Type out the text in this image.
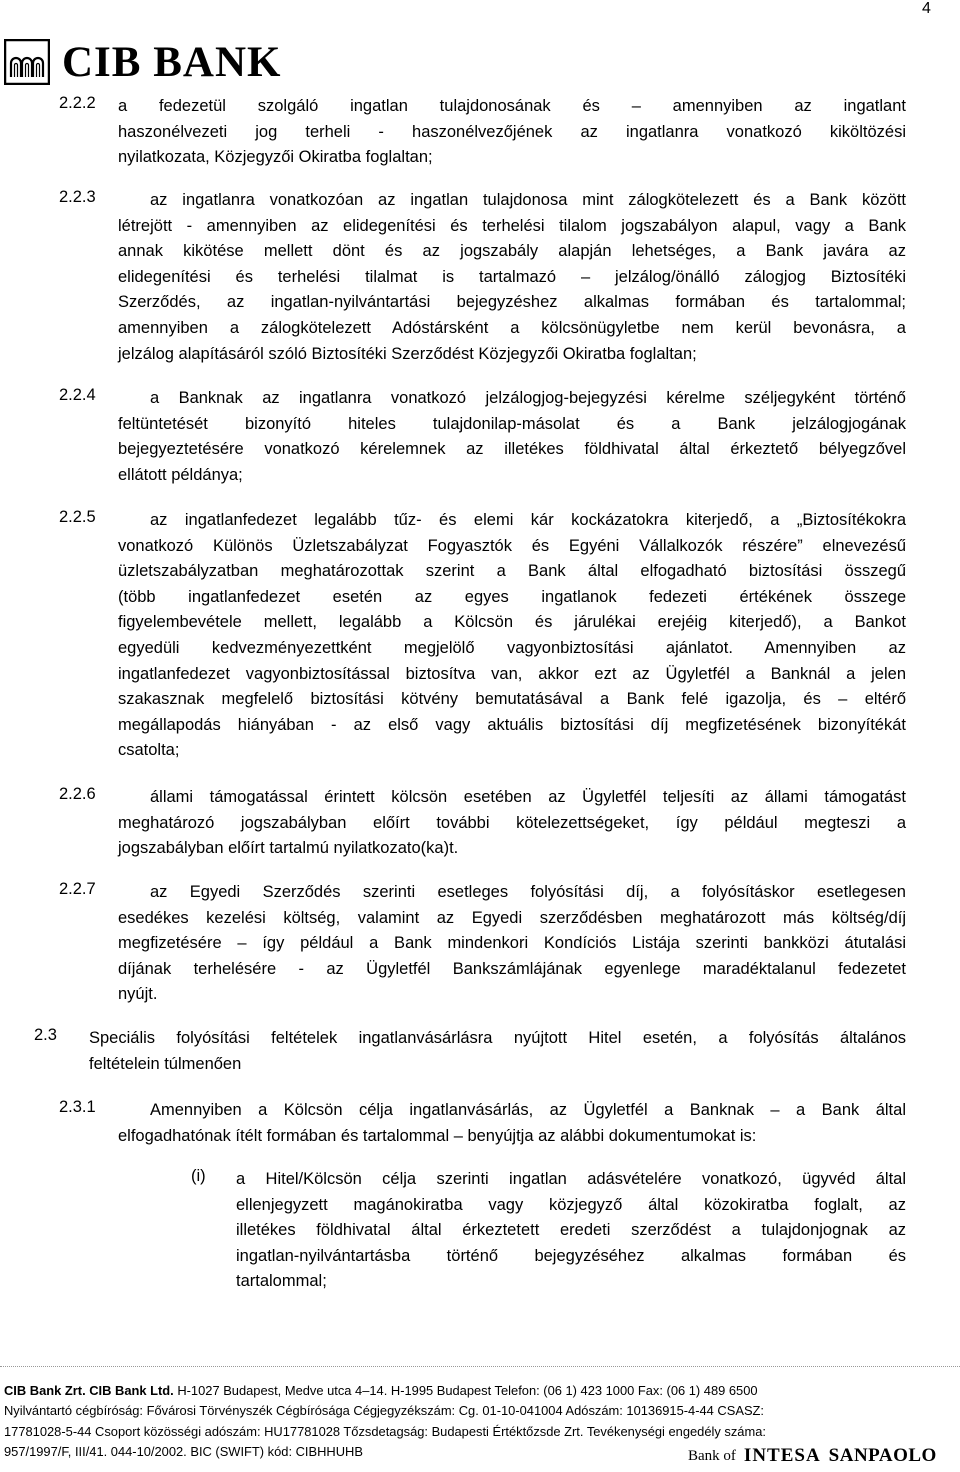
4
CIB BANK
2.2.2 a fedezetül szolgáló ingatlan tulajdonosának és – amennyiben az ingatlant
haszonélvezeti jog terheli - haszonélvezőjének az ingatlanra vonatkozó kiköltözési
nyilatkozata, Közjegyzői Okiratba foglaltan;
2.2.3	az ingatlanra vonatkozóan az ingatlan tulajdonosa mint zálogkötelezett és a Bank között
létrejött - amennyiben az elidegenítési és terhelési tilalom jogszabályon alapul, vagy a Bank
annak kikötése mellett dönt és az jogszabály alapján lehetséges, a Bank javára az
elidegenítési és terhelési tilalmat is tartalmazó – jelzálog/önálló zálogjog Biztosítéki
Szerződés, az ingatlan-nyilvántartási bejegyzéshez alkalmas formában és tartalommal;
amennyiben a zálogkötelezett Adóstársként a kölcsönügyletbe nem kerül bevonásra, a
jelzálog alapításáról szóló Biztosítéki Szerződést Közjegyzői Okiratba foglaltan;
2.2.4	a Banknak az ingatlanra vonatkozó jelzálogjog-bejegyzési kérelme széljegyként történő
feltüntetését bizonyító hiteles tulajdonilap-másolat és a Bank jelzálogjogának
bejegyeztetésére vonatkozó kérelemnek az illetékes földhivatal által érkeztető bélyegzővel
ellátott példánya;
2.2.5	az ingatlanfedezet legalább tűz- és elemi kár kockázatokra kiterjedő, a „Biztosítékokra
vonatkozó Különös Üzletszabályzat Fogyasztók és Egyéni Vállalkozók részére” elnevezésű
üzletszabályzatban meghatározottak szerint a Bank által elfogadható biztosítási összegű
(több ingatlanfedezet esetén az egyes ingatlanok fedezeti értékének összege
figyelembevétele mellett, legalább a Kölcsön és járulékai erejéig kiterjedő), a Bankot
egyedüli kedvezményezettként megjelölő vagyonbiztosítási ajánlatot. Amennyiben az
ingatlanfedezet vagyonbiztosítással biztosítva van, akkor ezt az Ügyletfél a Banknál a jelen
szakasznak megfelelő biztosítási kötvény bemutatásával a Bank felé igazolja, és – eltérő
megállapodás hiányában - az első vagy aktuális biztosítási díj megfizetésének bizonyítékát
csatolta;
2.2.6	állami támogatással érintett kölcsön esetében az Ügyletfél teljesíti az állami támogatást
meghatározó jogszabályban előírt további kötelezettségeket, így például megteszi a
jogszabályban előírt tartalmú nyilatkozato(ka)t.
2.2.7	az Egyedi Szerződés szerinti esetleges folyósítási díj, a folyósításkor esetlegesen
esedékes kezelési költség, valamint az Egyedi szerződésben meghatározott más költség/díj
megfizetésére – így például a Bank mindenkori Kondíciós Listája szerinti bankközi átutalási
díjának terhelésére - az Ügyletfél Bankszámlájának egyenlege maradéktalanul fedezetet
nyújt.
2.3 Speciális folyósítási feltételek ingatlanvásárlásra nyújtott Hitel esetén, a folyósítás általános
feltételein túlmenően
2.3.1	Amennyiben a Kölcsön célja ingatlanvásárlás, az Ügyletfél a Banknak – a Bank által
elfogadhatónak ítélt formában és tartalommal – benyújtja az alábbi dokumentumokat is:
(i) a Hitel/Kölcsön célja szerinti ingatlan adásvételére vonatkozó, ügyvéd által
ellenjegyzett magánokiratba vagy közjegyző által közokiratba foglalt, az
illetékes földhivatal által érkeztetett eredeti szerződést a tulajdonjognak az
ingatlan-nyilvántartásba történő bejegyzéséhez alkalmas formában és
tartalommal;
CIB Bank Zrt. CIB Bank Ltd. H-1027 Budapest, Medve utca 4–14. H-1995 Budapest Telefon: (06 1) 423 1000 Fax: (06 1) 489 6500
Nyilvántartó cégbíróság: Fővárosi Törvényszék Cégbírósága Cégjegyzékszám: Cg. 01-10-041004 Adószám: 10136915-4-44 CSASZ:
17781028-5-44 Csoport közösségi adószám: HU17781028 Tőzsdetagság: Budapesti Értéktőzsde Zrt. Tevékenységi engedély száma:
957/1997/F, III/41. 044-10/2002. BIC (SWIFT) kód: CIBHHUHB	Bank of INTESA SANPAOLO
